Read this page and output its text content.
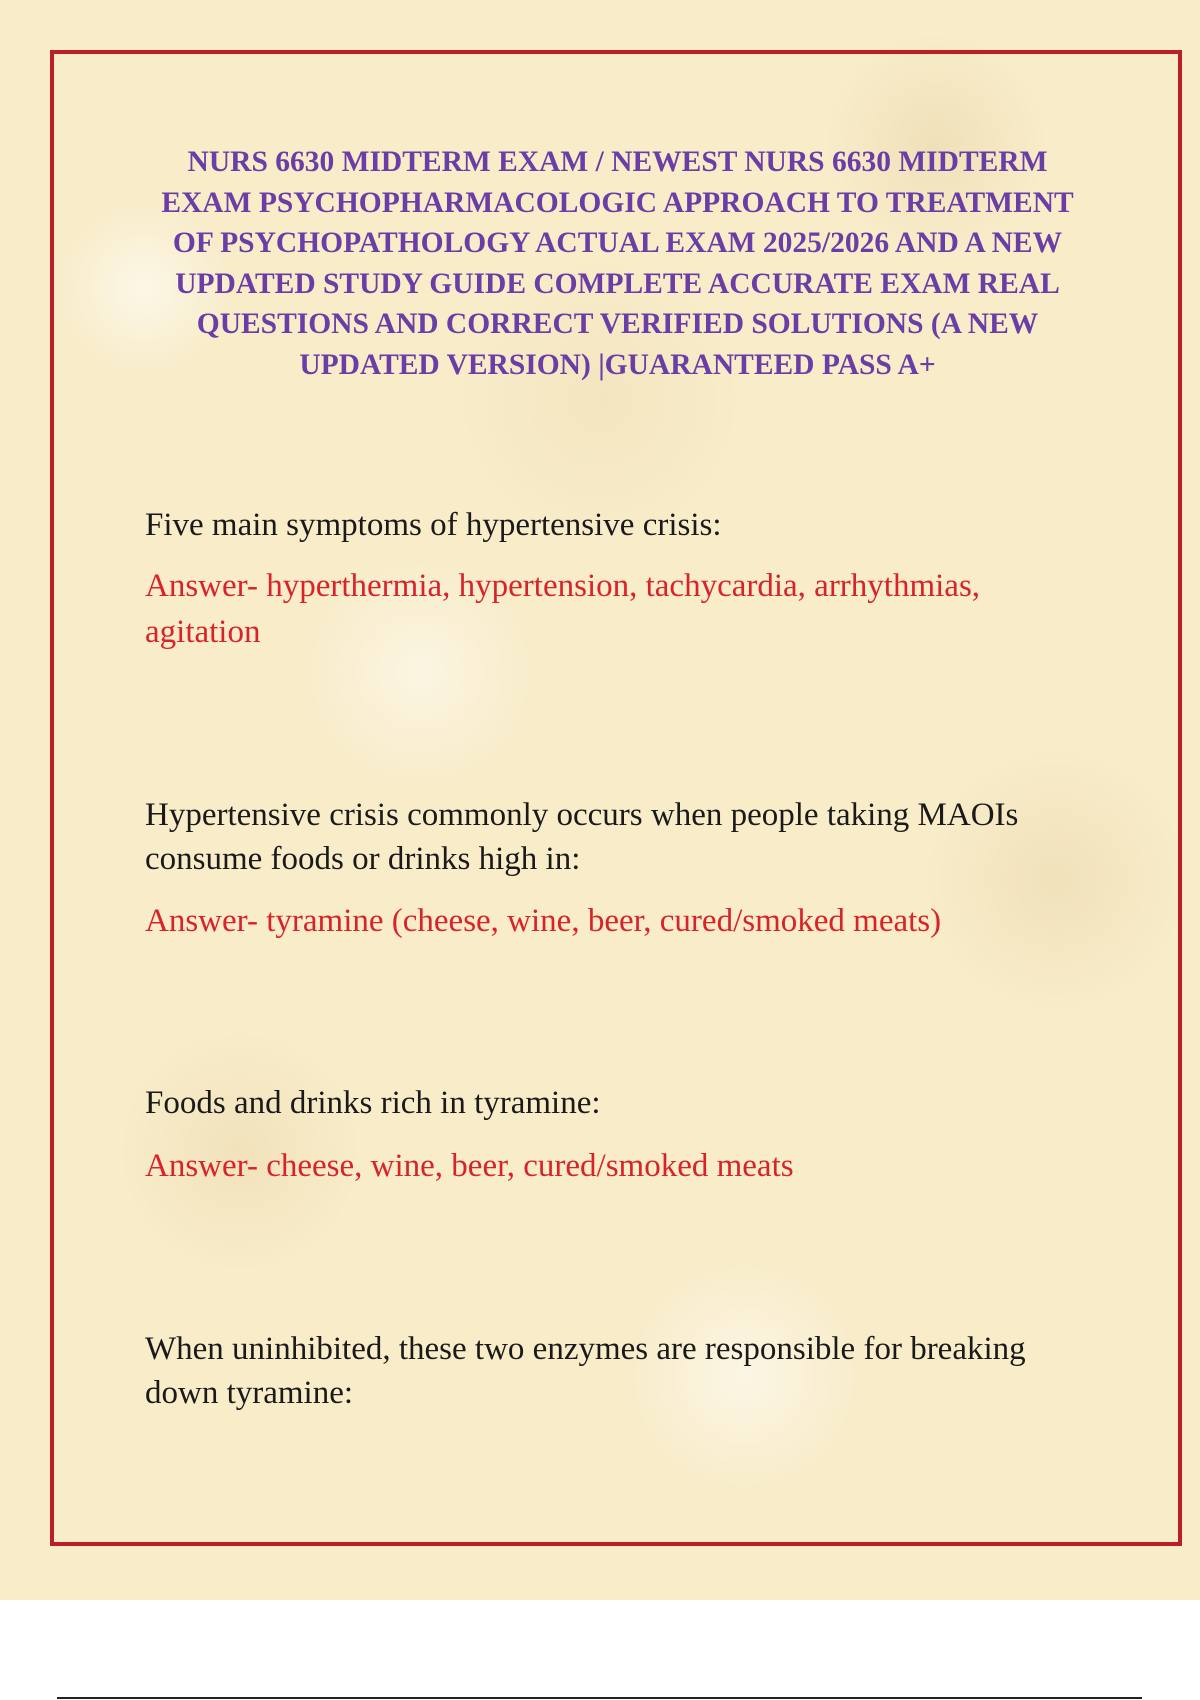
NURS 6630 MIDTERM EXAM / NEWEST NURS 6630 MIDTERM EXAM PSYCHOPHARMACOLOGIC APPROACH TO TREATMENT OF PSYCHOPATHOLOGY ACTUAL EXAM 2025/2026 AND A NEW UPDATED STUDY GUIDE COMPLETE ACCURATE EXAM REAL QUESTIONS AND CORRECT VERIFIED SOLUTIONS (A NEW UPDATED VERSION) |GUARANTEED PASS A+

Five main symptoms of hypertensive crisis:

Answer- hyperthermia, hypertension, tachycardia, arrhythmias, agitation

Hypertensive crisis commonly occurs when people taking MAOIs consume foods or drinks high in:

Answer- tyramine (cheese, wine, beer, cured/smoked meats)

Foods and drinks rich in tyramine:

Answer- cheese, wine, beer, cured/smoked meats

When uninhibited, these two enzymes are responsible for breaking down tyramine:
